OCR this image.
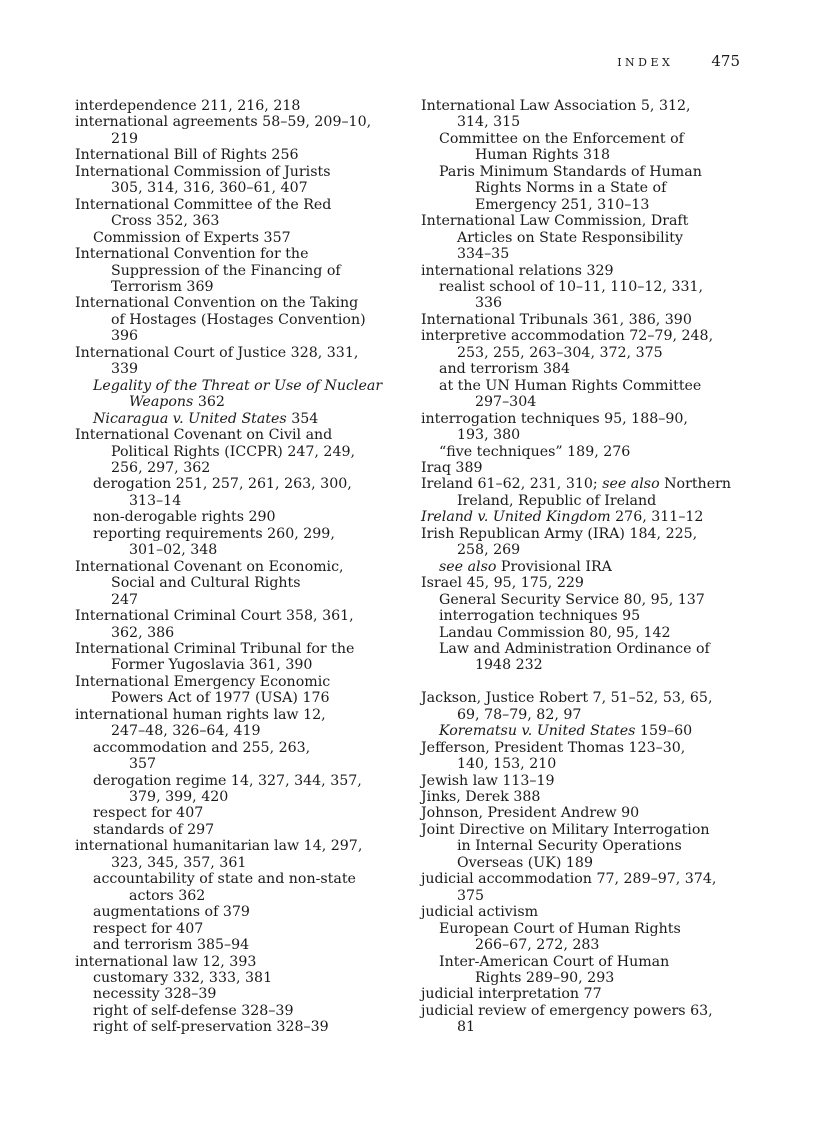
INDEX	475
interdependence 211, 216, 218
international agreements 58–59, 209–10,
219
International Bill of Rights 256
International Commission of Jurists
305, 314, 316, 360–61, 407
International Committee of the Red
Cross 352, 363
Commission of Experts 357
International Convention for the
Suppression of the Financing of
Terrorism 369
International Convention on the Taking
of Hostages (Hostages Convention)
396
International Court of Justice 328, 331,
339
Legality of the Threat or Use of Nuclear
Weapons 362
Nicaragua v. United States 354
International Covenant on Civil and
Political Rights (ICCPR) 247, 249,
256, 297, 362
derogation 251, 257, 261, 263, 300,
313–14
non-derogable rights 290
reporting requirements 260, 299,
301–02, 348
International Covenant on Economic,
Social and Cultural Rights
247
International Criminal Court 358, 361,
362, 386
International Criminal Tribunal for the
Former Yugoslavia 361, 390
International Emergency Economic
Powers Act of 1977 (USA) 176
international human rights law 12,
247–48, 326–64, 419
accommodation and 255, 263,
357
derogation regime 14, 327, 344, 357,
379, 399, 420
respect for 407
standards of 297
international humanitarian law 14, 297,
323, 345, 357, 361
accountability of state and non-state
actors 362
augmentations of 379
respect for 407
and terrorism 385–94
international law 12, 393
customary 332, 333, 381
necessity 328–39
right of self-defense 328–39
right of self-preservation 328–39
International Law Association 5, 312,
314, 315
Committee on the Enforcement of
Human Rights 318
Paris Minimum Standards of Human
Rights Norms in a State of
Emergency 251, 310–13
International Law Commission, Draft
Articles on State Responsibility
334–35
international relations 329
realist school of 10–11, 110–12, 331,
336
International Tribunals 361, 386, 390
interpretive accommodation 72–79, 248,
253, 255, 263–304, 372, 375
and terrorism 384
at the UN Human Rights Committee
297–304
interrogation techniques 95, 188–90,
193, 380
“five techniques” 189, 276
Iraq 389
Ireland 61–62, 231, 310; see also Northern
Ireland, Republic of Ireland
Ireland v. United Kingdom 276, 311–12
Irish Republican Army (IRA) 184, 225,
258, 269
see also Provisional IRA
Israel 45, 95, 175, 229
General Security Service 80, 95, 137
interrogation techniques 95
Landau Commission 80, 95, 142
Law and Administration Ordinance of
1948 232
Jackson, Justice Robert 7, 51–52, 53, 65,
69, 78–79, 82, 97
Korematsu v. United States 159–60
Jefferson, President Thomas 123–30,
140, 153, 210
Jewish law 113–19
Jinks, Derek 388
Johnson, President Andrew 90
Joint Directive on Military Interrogation
in Internal Security Operations
Overseas (UK) 189
judicial accommodation 77, 289–97, 374,
375
judicial activism
European Court of Human Rights
266–67, 272, 283
Inter-American Court of Human
Rights 289–90, 293
judicial interpretation 77
judicial review of emergency powers 63,
81
